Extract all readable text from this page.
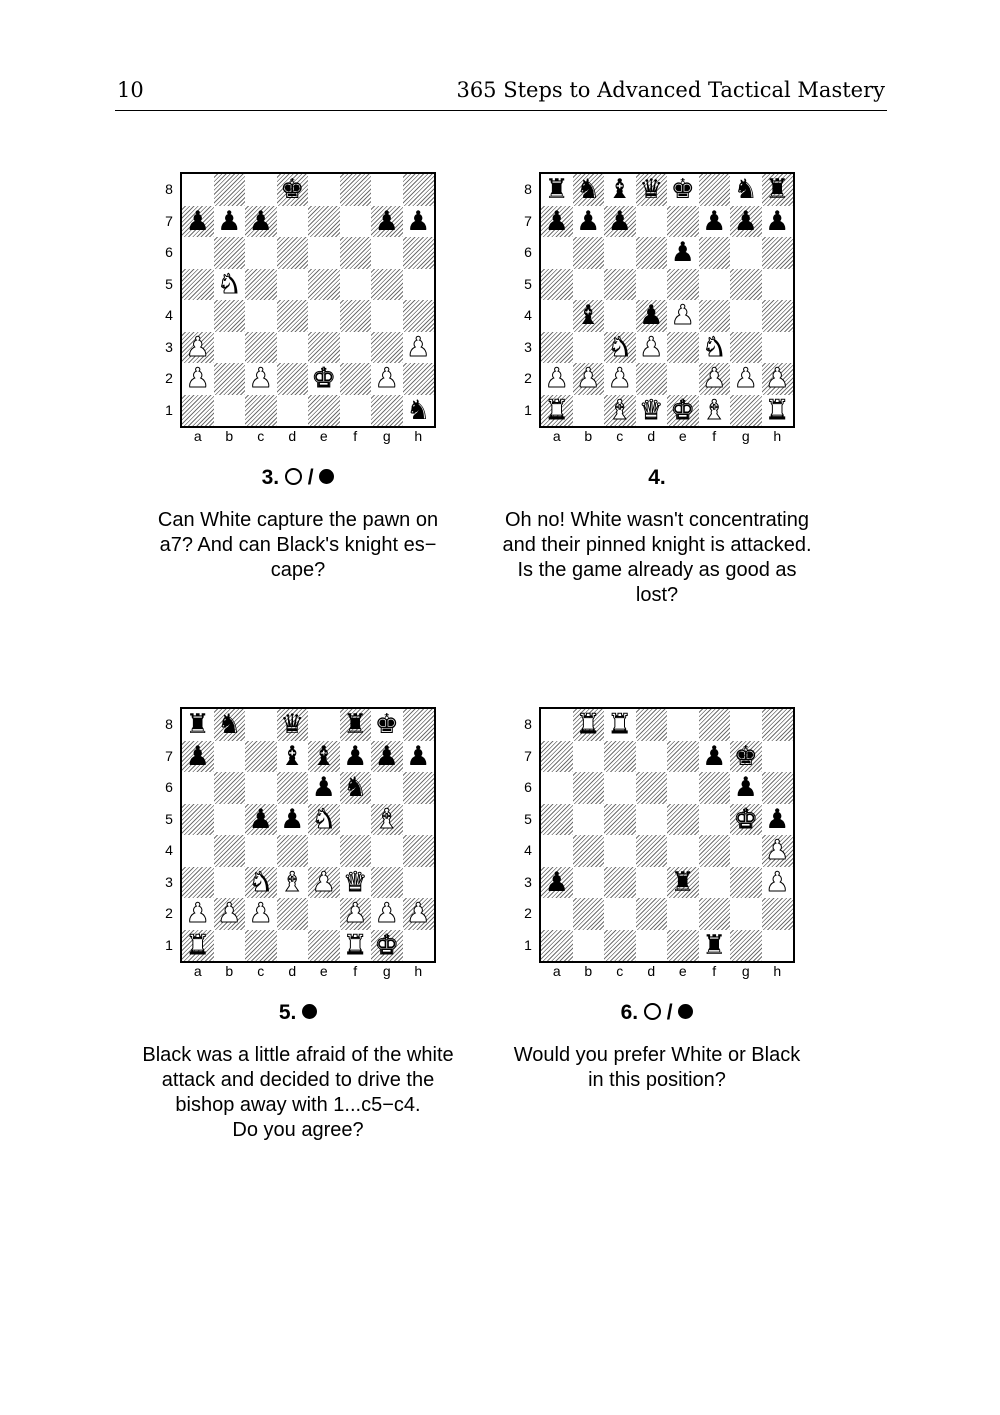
10	365 Steps to Advanced Tactical Mastery
8
7
6
5
4
3
2
1
♚
♟ ♟ ♟	♟ ♟
♞
♟	♟
♟ ♟ ♚ ♟
♞
a	b	c	d	e	f	g	h
3.  /
Can White capture the pawn on
a7? And can Black's knight es−
cape?
8
7
6
5
4
3
2
1
♜ ♞ ♝ ♛ ♚ ♞ ♜
♟ ♟ ♟	♟ ♟ ♟
♟
♝ ♟ ♟
♞ ♟ ♞
♟ ♟ ♟	♟ ♟ ♟
♜ ♝ ♛ ♚ ♝ ♜
a	b	c	d	e	f	g	h
4.
Oh no! White wasn't concentrating
and their pinned knight is attacked.
Is the game already as good as
lost?
8
7
6
5
4
3
2
1
♜ ♞ ♛ ♜ ♚
♟	♝ ♝ ♟ ♟ ♟
♟ ♞
♟ ♟ ♞ ♝
♞ ♝ ♟ ♛
♟ ♟ ♟	♟ ♟ ♟
♜	♜ ♚
a	b	c	d	e	f	g	h
5.
Black was a little afraid of the white
attack and decided to drive the
bishop away with 1...c5−c4.
Do you agree?
8
7
6
5
4
3
2
1
♜ ♜
♟ ♚
♟
♚ ♟
♟
♟	♜	♟
♜
a	b	c	d	e	f	g	h
6.  /
Would you prefer White or Black
in this position?
